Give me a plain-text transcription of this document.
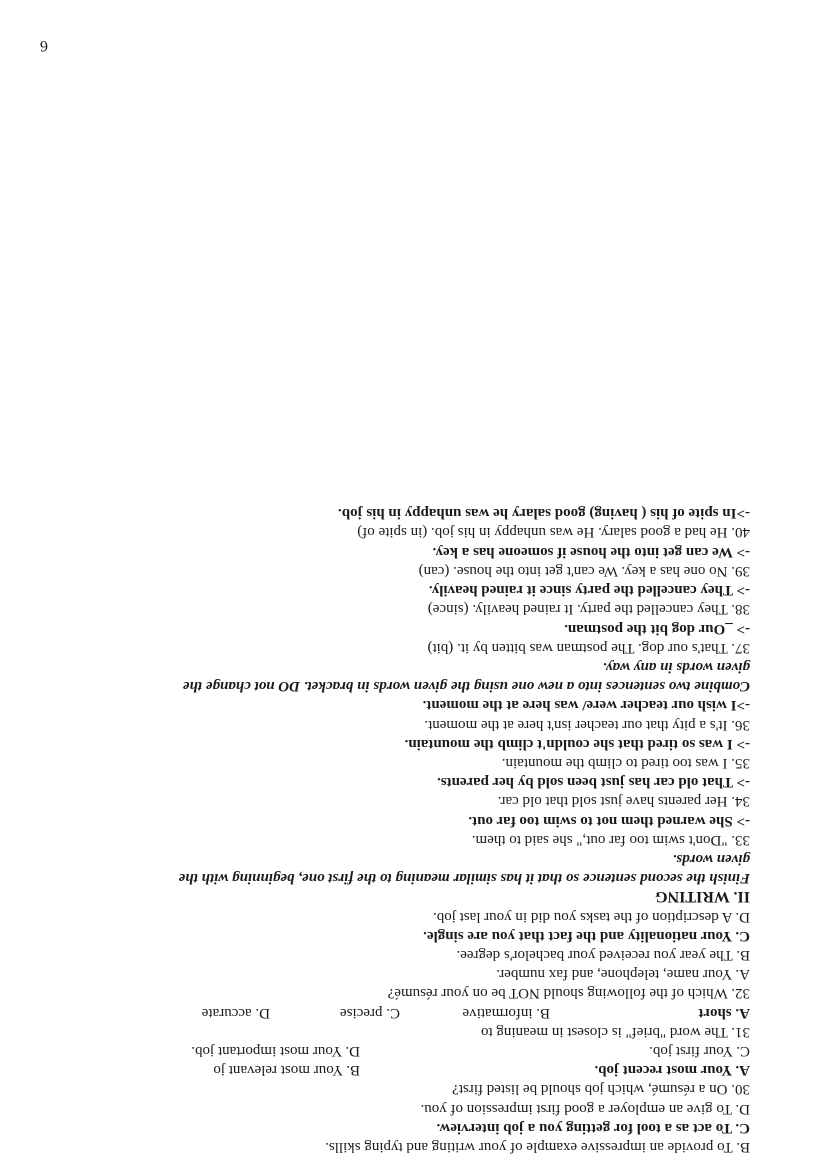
B. To provide an impressive example of your writing and typing skills.
C. To act as a tool for getting you a job interview.
D. To give an employer a good first impression of you.
30. On a résumé, which job should be listed first?
A. Your most recent job.
B. Your most relevant jo
C. Your first job.
D. Your most important job.
31. The word "brief" is closest in meaning to
A. short
B. informative
C. precise
D. accurate
32. Which of the following should NOT be on your résumé?
A. Your name, telephone, and fax number.
B. The year you received your bachelor's degree.
C. Your nationality and the fact that you are single.
D. A description of the tasks you did in your last job.
II. WRITING
Finish the second sentence so that it has similar meaning to the first one, beginning with the
given words.
33. "Don't swim too far out," she said to them.
-> She warned them not to swim too far out.
34. Her parents have just sold that old car.
-> That old car has just been sold by her parents.
35. I was too tired to climb the mountain.
-> I was so tired that she couldn't climb the mountain.
36. It's a pity that our teacher isn't here at the moment.
->I wish our teacher were/ was here at the moment.
Combine two sentences into a new one using the given words in bracket. DO not change the
given words in any way.
37. That's our dog. The postman was bitten by it. (bit)
-> _Our dog bit the postman.
38. They cancelled the party. It rained heavily. (since)
-> They cancelled the party since it rained heavily.
39. No one has a key. We can't get into the house. (can)
-> We can get into the house if someone has a key.
40. He had a good salary. He was unhappy in his job. (in spite of)
->In spite of his ( having) good salary he was unhappy in his job.
6
